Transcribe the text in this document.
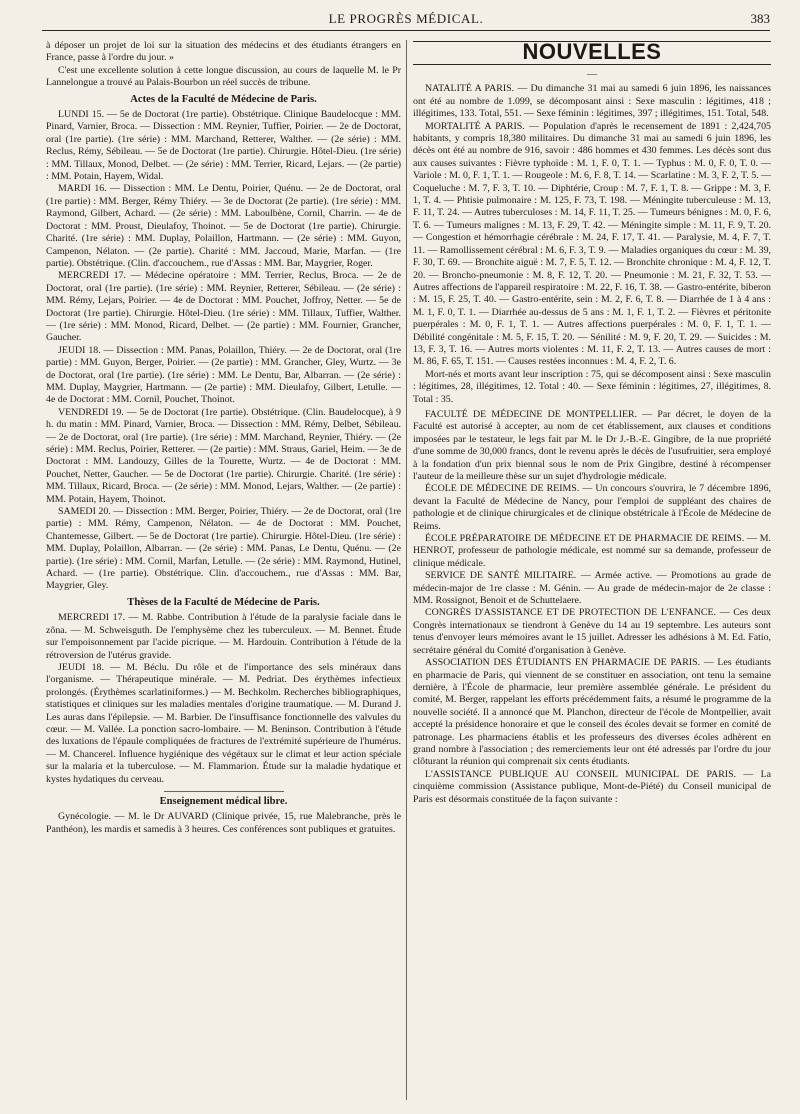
LE PROGRÈS MÉDICAL.	383

à déposer un projet de loi sur la situation des médecins et des étudiants étrangers en France, passe à l'ordre du jour. »

C'est une excellente solution à cette longue discussion, au cours de laquelle M. le Pr Lannelongue a trouvé au Palais-Bourbon un réel succès de tribune.

Actes de la Faculté de Médecine de Paris.

LUNDI 15. — 5e de Doctorat (1re partie). Obstétrique. Clinique Baudelocque : MM. Pinard, Varnier, Broca. — Dissection : MM. Reynier, Tuffier, Poirier. — 2e de Doctorat, oral (1re partie). (1re série) : MM. Marchand, Retterer, Walther. — (2e série) : MM. Reclus, Rémy, Sébileau. — 5e de Doctorat (1re partie). Chirurgie. Hôtel-Dieu. (1re série) : MM. Tillaux, Monod, Delbet. — (2e série) : MM. Terrier, Ricard, Lejars. — (2e partie) : MM. Potain, Hayem, Widal.

MARDI 16. — Dissection : MM. Le Dentu, Poirier, Quénu. — 2e de Doctorat, oral (1re partie) : MM. Berger, Rémy Thiéry. — 3e de Doctorat (2e partie). (1re série) : MM. Raymond, Gilbert, Achard. — (2e série) : MM. Laboulbène, Cornil, Charrin. — 4e de Doctorat : MM. Proust, Dieulafoy, Thoinot. — 5e de Doctorat (1re partie). Chirurgie. Charité. (1re série) : MM. Duplay, Polaillon, Hartmann. — (2e série) : MM. Guyon, Campenon, Nélaton. — (2e partie). Charité : MM. Jaccoud, Marie, Marfan. — (1re partie). Obstétrique. (Clin. d'accouchem., rue d'Assas : MM. Bar, Maygrier, Roger.

MERCREDI 17. — Médecine opératoire : MM. Terrier, Reclus, Broca. — 2e de Doctorat, oral (1re partie). (1re série) : MM. Reynier, Retterer, Sébileau. — (2e série) : MM. Rémy, Lejars, Poirier. — 4e de Doctorat : MM. Pouchet, Joffroy, Netter. — 5e de Doctorat (1re partie). Chirurgie. Hôtel-Dieu. (1re série) : MM. Tillaux, Tuffier, Walther. — (1re série) : MM. Monod, Ricard, Delbet. — (2e partie) : MM. Fournier, Grancher, Gaucher.

JEUDI 18. — Dissection : MM. Panas, Polaillon, Thiéry. — 2e de Doctorat, oral (1re partie) : MM. Guyon, Berger, Poirier. — (2e partie) : MM. Grancher, Gley, Wurtz. — 3e de Doctorat, oral (1re partie). (1re série) : MM. Le Dentu, Bar, Albarran. — (2e série) : MM. Duplay, Maygrier, Hartmann. — (2e partie) : MM. Dieulafoy, Gilbert, Letulle. — 4e de Doctorat : MM. Cornil, Pouchet, Thoinot.

VENDREDI 19. — 5e de Doctorat (1re partie). Obstétrique. (Clin. Baudelocque), à 9 h. du matin : MM. Pinard, Varnier, Broca. — Dissection : MM. Rémy, Delbet, Sébileau. — 2e de Doctorat, oral (1re partie). (1re série) : MM. Marchand, Reynier, Thiéry. — (2e série) : MM. Reclus, Poirier, Retterer. — (2e partie) : MM. Straus, Gariel, Heim. — 3e de Doctorat : MM. Landouzy, Gilles de la Tourette, Wurtz. — 4e de Doctorat : MM. Pouchet, Netter, Gaucher. — 5e de Doctorat (1re partie). Chirurgie. Charité. (1re série) : MM. Tillaux, Ricard, Broca. — (2e série) : MM. Monod, Lejars, Walther. — (2e partie) : MM. Potain, Hayem, Thoinot.

SAMEDI 20. — Dissection : MM. Berger, Poirier, Thiéry. — 2e de Doctorat, oral (1re partie) : MM. Rémy, Campenon, Nélaton. — 4e de Doctorat : MM. Pouchet, Chantemesse, Gilbert. — 5e de Doctorat (1re partie). Chirurgie. Hôtel-Dieu. (1re série) : MM. Duplay, Polaillon, Albarran. — (2e série) : MM. Panas, Le Dentu, Quénu. — (2e partie). (1re série) : MM. Cornil, Marfan, Letulle. — (2e série) : MM. Raymond, Hutinel, Achard. — (1re partie). Obstétrique. Clin. d'accouchem., rue d'Assas : MM. Bar, Maygrier, Gley.

Thèses de la Faculté de Médecine de Paris.

MERCREDI 17. — M. Rabbe. Contribution à l'étude de la paralysie faciale dans le zôna. — M. Schweisguth. De l'emphysème chez les tuberculeux. — M. Bennet. Étude sur l'empoisonnement par l'acide picrique. — M. Hardouin. Contribution à l'étude de la rétroversion de l'utérus gravide.

JEUDI 18. — M. Béclu. Du rôle et de l'importance des sels minéraux dans l'organisme. — Thérapeutique minérale. — M. Pedriat. Des érythèmes infectieux prolongés. (Érythèmes scarlatiniformes.) — M. Bechkolm. Recherches bibliographiques, statistiques et cliniques sur les maladies mentales d'origine traumatique. — M. Durand J. Les auras dans l'épilepsie. — M. Barbier. De l'insuffisance fonctionnelle des valvules du cœur. — M. Vallée. La ponction sacro-lombaire. — M. Beninson. Contribution à l'étude des luxations de l'épaule compliquées de fractures de l'extrémité supérieure de l'humérus. — M. Chancerel. Influence hygiénique des végétaux sur le climat et leur action spéciale sur la malaria et la tuberculose. — M. Flammarion. Étude sur la maladie hydatique et kystes hydatiques du cerveau.

Enseignement médical libre.

Gynécologie. — M. le Dr AUVARD (Clinique privée, 15, rue Malebranche, près le Panthéon), les mardis et samedis à 3 heures. Ces conférences sont publiques et gratuites.

NOUVELLES
—

NATALITÉ A PARIS. — Du dimanche 31 mai au samedi 6 juin 1896, les naissances ont été au nombre de 1.099, se décomposant ainsi : Sexe masculin : légitimes, 418 ; illégitimes, 133. Total, 551. — Sexe féminin : légitimes, 397 ; illégitimes, 151. Total, 548.

MORTALITÉ A PARIS. — Population d'après le recensement de 1891 : 2,424,705 habitants, y compris 18,380 militaires. Du dimanche 31 mai au samedi 6 juin 1896, les décès ont été au nombre de 916, savoir : 486 hommes et 430 femmes. Les décès sont dus aux causes suivantes : Fièvre typhoïde : M. 1, F. 0, T. 1. — Typhus : M. 0, F. 0, T. 0. — Variole : M. 0, F. 1, T. 1. — Rougeole : M. 6, F. 8, T. 14. — Scarlatine : M. 3, F. 2, T. 5. — Coqueluche : M. 7, F. 3, T. 10. — Diphtérie, Croup : M. 7, F. 1, T. 8. — Grippe : M. 3, F. 1, T. 4. — Phtisie pulmonaire : M. 125, F. 73, T. 198. — Méningite tuberculeuse : M. 13, F. 11, T. 24. — Autres tuberculoses : M. 14, F. 11, T. 25. — Tumeurs bénignes : M. 0, F. 6, T. 6. — Tumeurs malignes : M. 13, F. 29, T. 42. — Méningite simple : M. 11, F. 9, T. 20. — Congestion et hémorrhagie cérébrale : M. 24, F. 17, T. 41. — Paralysie, M. 4, F. 7, T. 11. — Ramollissement cérébral : M. 6, F. 3, T. 9. — Maladies organiques du cœur : M. 39, F. 30, T. 69. — Bronchite aiguë : M. 7, F. 5, T. 12. — Bronchite chronique : M. 4, F. 12, T. 20. — Broncho-pneumonie : M. 8, F. 12, T. 20. — Pneumonie : M. 21, F. 32, T. 53. — Autres affections de l'appareil respiratoire : M. 22, F. 16, T. 38. — Gastro-entérite, biberon : M. 15, F. 25, T. 40. — Gastro-entérite, sein : M. 2, F. 6, T. 8. — Diarrhée de 1 à 4 ans : M. 1, F. 0, T. 1. — Diarrhée au-dessus de 5 ans : M. 1, F. 1, T. 2. — Fièvres et péritonite puerpérales : M. 0, F. 1, T. 1. — Autres affections puerpérales : M. 0, F. 1, T. 1. — Débilité congénitale : M. 5, F. 15, T. 20. — Sénilité : M. 9, F. 20, T. 29. — Suicides : M. 13, F. 3, T. 16. — Autres morts violentes : M. 11, F. 2, T. 13. — Autres causes de mort : M. 86, F. 65, T. 151. — Causes restées inconnues : M. 4, F. 2, T. 6.

Mort-nés et morts avant leur inscription : 75, qui se décomposent ainsi : Sexe masculin : légitimes, 28, illégitimes, 12. Total : 40. — Sexe féminin : légitimes, 27, illégitimes, 8. Total : 35.

FACULTÉ DE MÉDECINE DE MONTPELLIER. — Par décret, le doyen de la Faculté est autorisé à accepter, au nom de cet établissement, aux clauses et conditions imposées par le testateur, le legs fait par M. le Dr J.-B.-E. Gingibre, de la nue propriété d'une somme de 30,000 francs, dont le revenu après le décès de l'usufruitier, sera employé à la fondation d'un prix biennal sous le nom de Prix Gingibre, destiné à récompenser l'auteur de la meilleure thèse sur un sujet d'hydrologie médicale.

ÉCOLE DE MÉDECINE DE REIMS. — Un concours s'ouvrira, le 7 décembre 1896, devant la Faculté de Médecine de Nancy, pour l'emploi de suppléant des chaires de pathologie et de clinique chirurgicales et de clinique obstétricale à l'École de Médecine de Reims.

ÉCOLE PRÉPARATOIRE DE MÉDECINE ET DE PHARMACIE DE REIMS. — M. HENROT, professeur de pathologie médicale, est nommé sur sa demande, professeur de clinique médicale.

SERVICE DE SANTÉ MILITAIRE. — Armée active. — Promotions au grade de médecin-major de 1re classe : M. Génin. — Au grade de médecin-major de 2e classe : MM. Rossignot, Benoit et de Schuttelaere.

CONGRÈS D'ASSISTANCE ET DE PROTECTION DE L'ENFANCE. — Ces deux Congrès internationaux se tiendront à Genève du 14 au 19 septembre. Les auteurs sont tenus d'envoyer leurs mémoires avant le 15 juillet. Adresser les adhésions à M. Ed. Fatio, secrétaire général du Comité d'organisation à Genève.

ASSOCIATION DES ÉTUDIANTS EN PHARMACIE DE PARIS. — Les étudiants en pharmacie de Paris, qui viennent de se constituer en association, ont tenu la semaine dernière, à l'École de pharmacie, leur première assemblée générale. Le président du comité, M. Berger, rappelant les efforts précédemment faits, a résumé le programme de la nouvelle société. Il a annoncé que M. Planchon, directeur de l'école de Montpellier, avait accepté la présidence honoraire et que le conseil des écoles devait se former en comité de patronage. Les pharmaciens établis et les professeurs des diverses écoles adhèrent en grand nombre à l'association ; des remerciements leur ont été adressés par l'ordre du jour clôturant la réunion qui comprenait six cents étudiants.

L'ASSISTANCE PUBLIQUE AU CONSEIL MUNICIPAL DE PARIS. — La cinquième commission (Assistance publique, Mont-de-Piété) du Conseil municipal de Paris est désormais constituée de la façon suivante :
